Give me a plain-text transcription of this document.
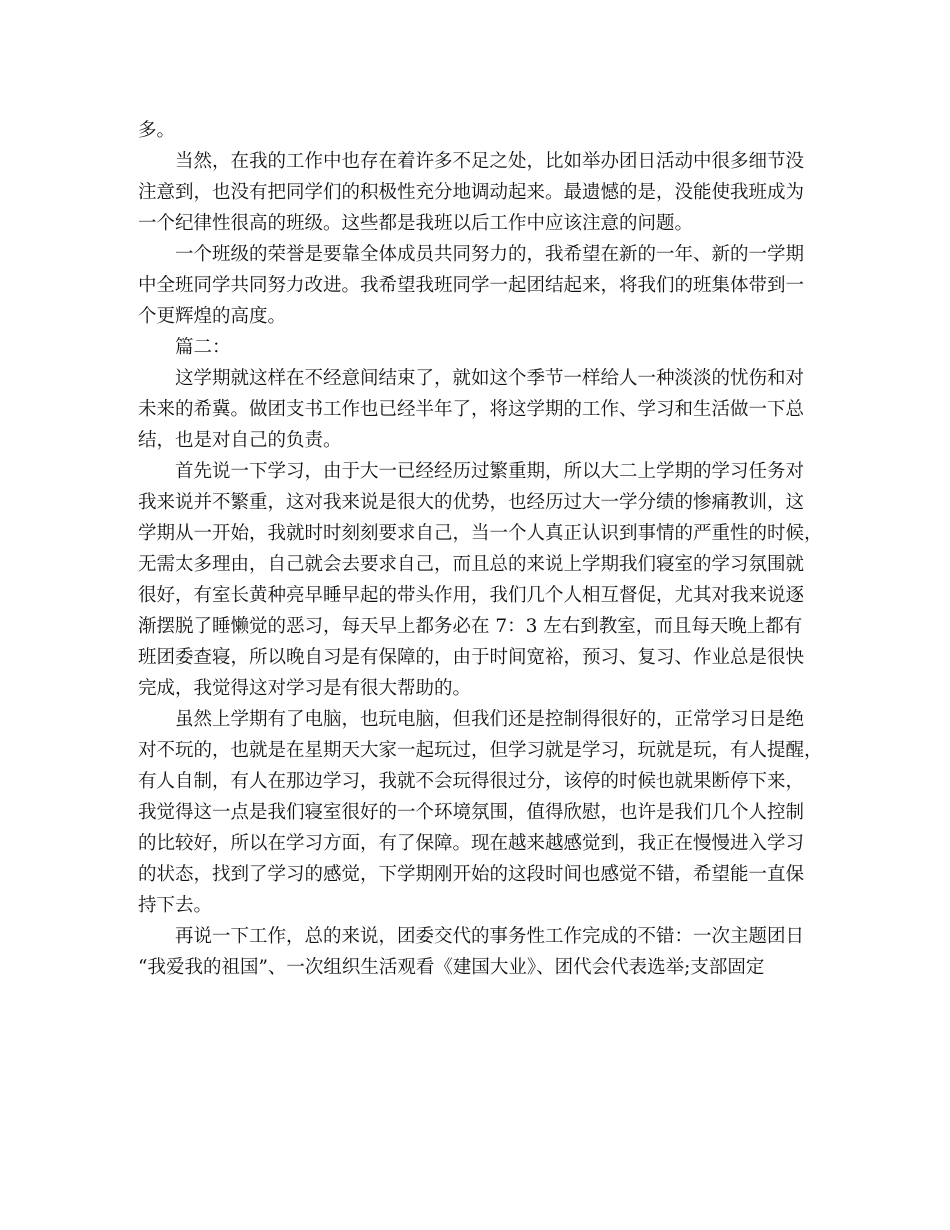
多。
当然，在我的工作中也存在着许多不足之处，比如举办团日活动中很多细节没
注意到，也没有把同学们的积极性充分地调动起来。最遗憾的是，没能使我班成为
一个纪律性很高的班级。这些都是我班以后工作中应该注意的问题。
一个班级的荣誉是要靠全体成员共同努力的，我希望在新的一年、新的一学期
中全班同学共同努力改进。我希望我班同学一起团结起来，将我们的班集体带到一
个更辉煌的高度。
篇二：
这学期就这样在不经意间结束了，就如这个季节一样给人一种淡淡的忧伤和对
未来的希冀。做团支书工作也已经半年了，将这学期的工作、学习和生活做一下总
结，也是对自己的负责。
首先说一下学习，由于大一已经经历过繁重期，所以大二上学期的学习任务对
我来说并不繁重，这对我来说是很大的优势，也经历过大一学分绩的惨痛教训，这
学期从一开始，我就时时刻刻要求自己，当一个人真正认识到事情的严重性的时候，
无需太多理由，自己就会去要求自己，而且总的来说上学期我们寝室的学习氛围就
很好，有室长黄种亮早睡早起的带头作用，我们几个人相互督促，尤其对我来说逐
渐摆脱了睡懒觉的恶习，每天早上都务必在 7：3 左右到教室，而且每天晚上都有
班团委查寝，所以晚自习是有保障的，由于时间宽裕，预习、复习、作业总是很快
完成，我觉得这对学习是有很大帮助的。
虽然上学期有了电脑，也玩电脑，但我们还是控制得很好的，正常学习日是绝
对不玩的，也就是在星期天大家一起玩过，但学习就是学习，玩就是玩，有人提醒，
有人自制，有人在那边学习，我就不会玩得很过分，该停的时候也就果断停下来，
我觉得这一点是我们寝室很好的一个环境氛围，值得欣慰，也许是我们几个人控制
的比较好，所以在学习方面，有了保障。现在越来越感觉到，我正在慢慢进入学习
的状态，找到了学习的感觉，下学期刚开始的这段时间也感觉不错，希望能一直保
持下去。
再说一下工作，总的来说，团委交代的事务性工作完成的不错：一次主题团日
“我爱我的祖国”、一次组织生活观看《建国大业》、团代会代表选举;支部固定
